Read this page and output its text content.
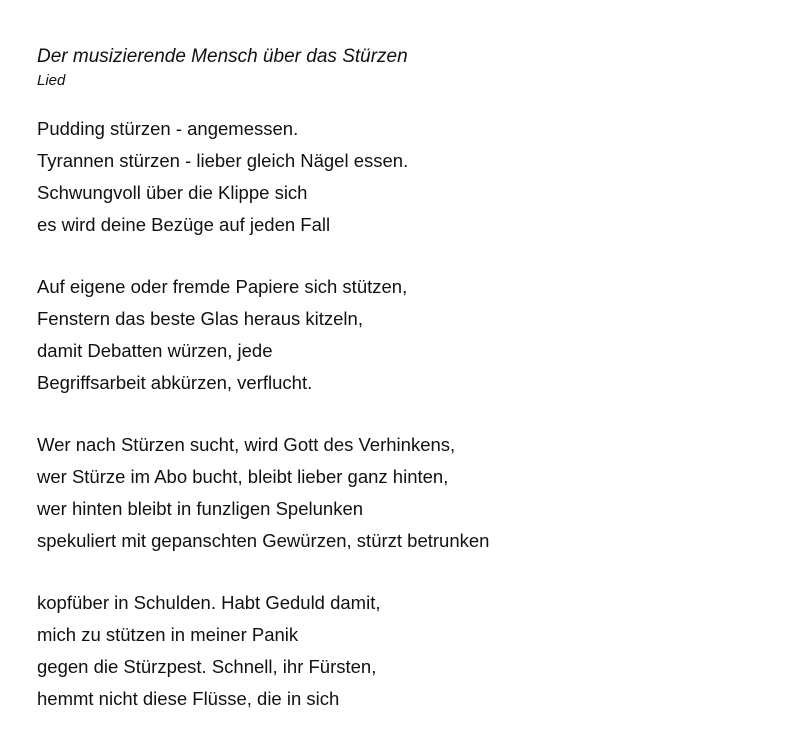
Der musizierende Mensch über das Stürzen
Lied
Pudding stürzen - angemessen.
Tyrannen stürzen - lieber gleich Nägel essen.
Schwungvoll über die Klippe sich
es wird deine Bezüge auf jeden Fall
Auf eigene oder fremde Papiere sich stützen,
Fenstern das beste Glas heraus kitzeln,
damit Debatten würzen, jede
Begriffsarbeit abkürzen, verflucht.
Wer nach Stürzen sucht, wird Gott des Verhinkens,
wer Stürze im Abo bucht, bleibt lieber ganz hinten,
wer hinten bleibt in funzligen Spelunken
spekuliert mit gepanschten Gewürzen, stürzt betrunken
kopfüber in Schulden. Habt Geduld damit,
mich zu stützen in meiner Panik
gegen die Stürzpest. Schnell, ihr Fürsten,
hemmt nicht diese Flüsse, die in sich
